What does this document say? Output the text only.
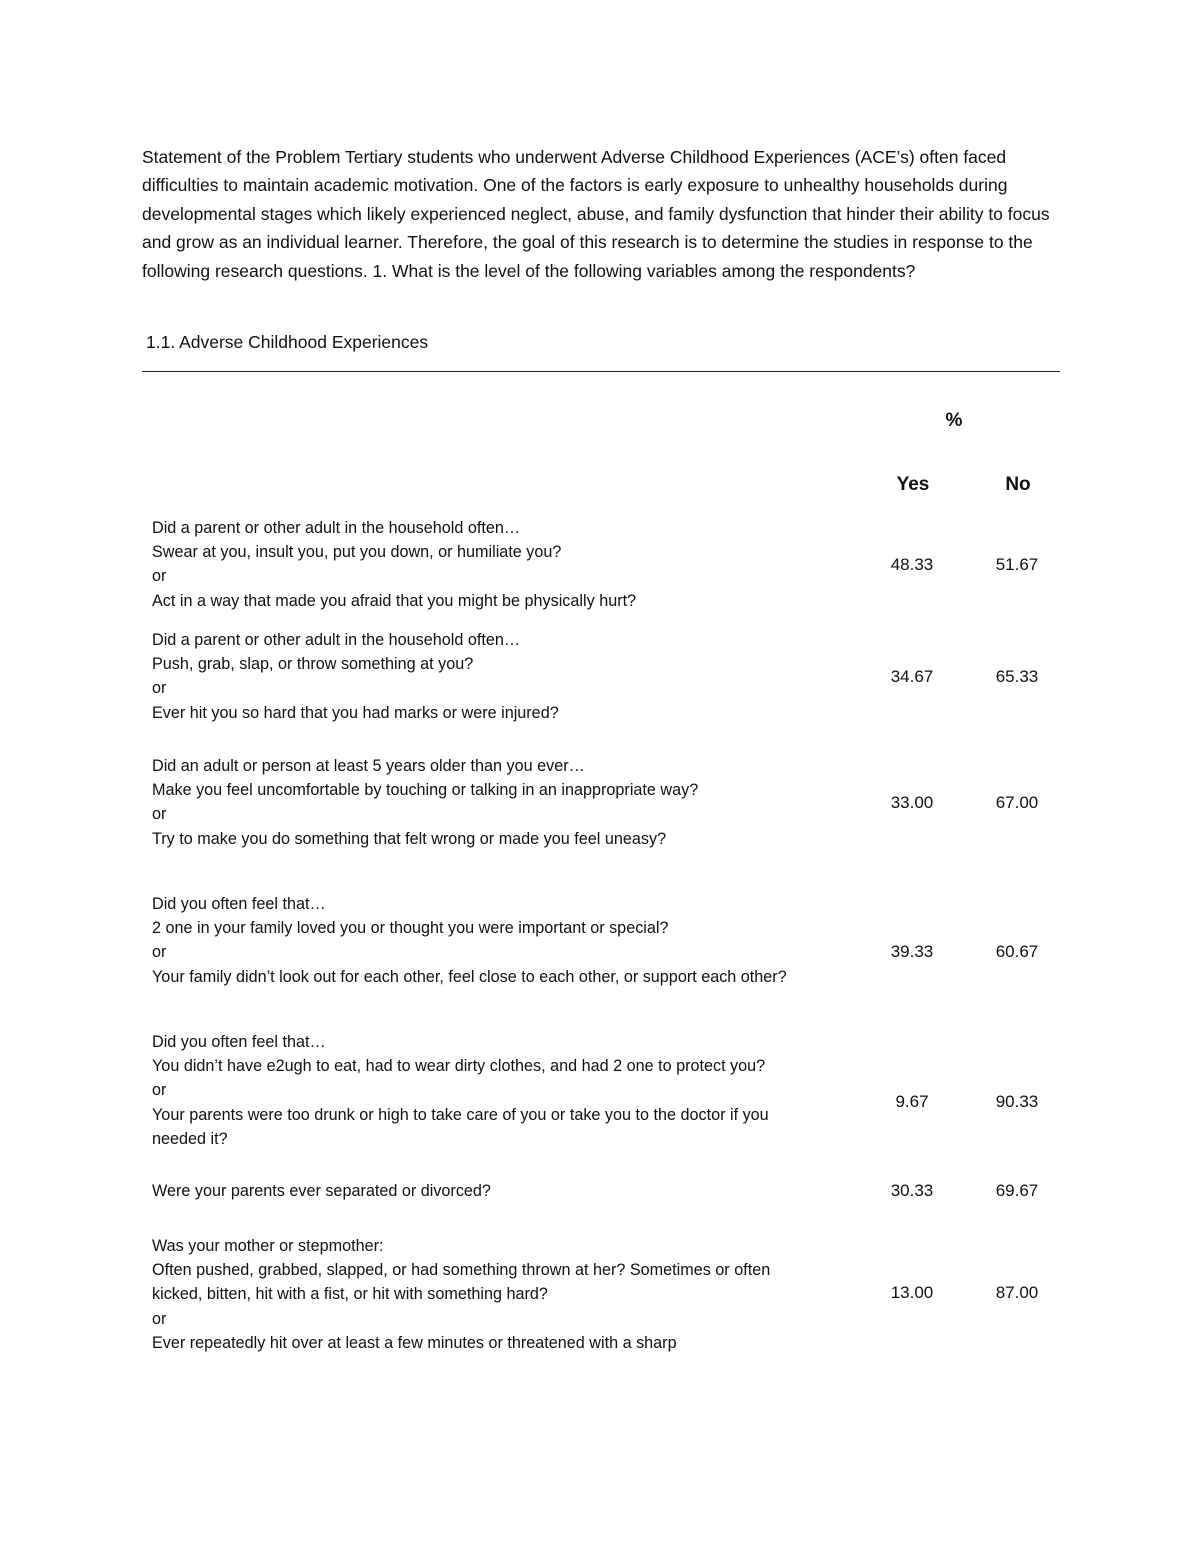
Statement of the Problem Tertiary students who underwent Adverse Childhood Experiences (ACE’s) often faced difficulties to maintain academic motivation. One of the factors is early exposure to unhealthy households during developmental stages which likely experienced neglect, abuse, and family dysfunction that hinder their ability to focus and grow as an individual learner. Therefore, the goal of this research is to determine the studies in response to the following research questions. 1. What is the level of the following variables among the respondents?

1.1. Adverse Childhood Experiences

%
Yes	No
Did a parent or other adult in the household often…
Swear at you, insult you, put you down, or humiliate you?
or
Act in a way that made you afraid that you might be physically hurt?
48.33	51.67
Did a parent or other adult in the household often…
Push, grab, slap, or throw something at you?
or
Ever hit you so hard that you had marks or were injured?
34.67	65.33
Did an adult or person at least 5 years older than you ever…
Make you feel uncomfortable by touching or talking in an inappropriate way?
or
Try to make you do something that felt wrong or made you feel uneasy?
33.00	67.00
Did you often feel that…
2 one in your family loved you or thought you were important or special?
or
Your family didn’t look out for each other, feel close to each other, or support each other?
39.33	60.67
Did you often feel that…
You didn’t have e2ugh to eat, had to wear dirty clothes, and had 2 one to protect you?
or
Your parents were too drunk or high to take care of you or take you to the doctor if you needed it?
9.67	90.33
Were your parents ever separated or divorced?	30.33	69.67
Was your mother or stepmother:
Often pushed, grabbed, slapped, or had something thrown at her? Sometimes or often kicked, bitten, hit with a fist, or hit with something hard?
or
Ever repeatedly hit over at least a few minutes or threatened with a sharp
13.00	87.00
